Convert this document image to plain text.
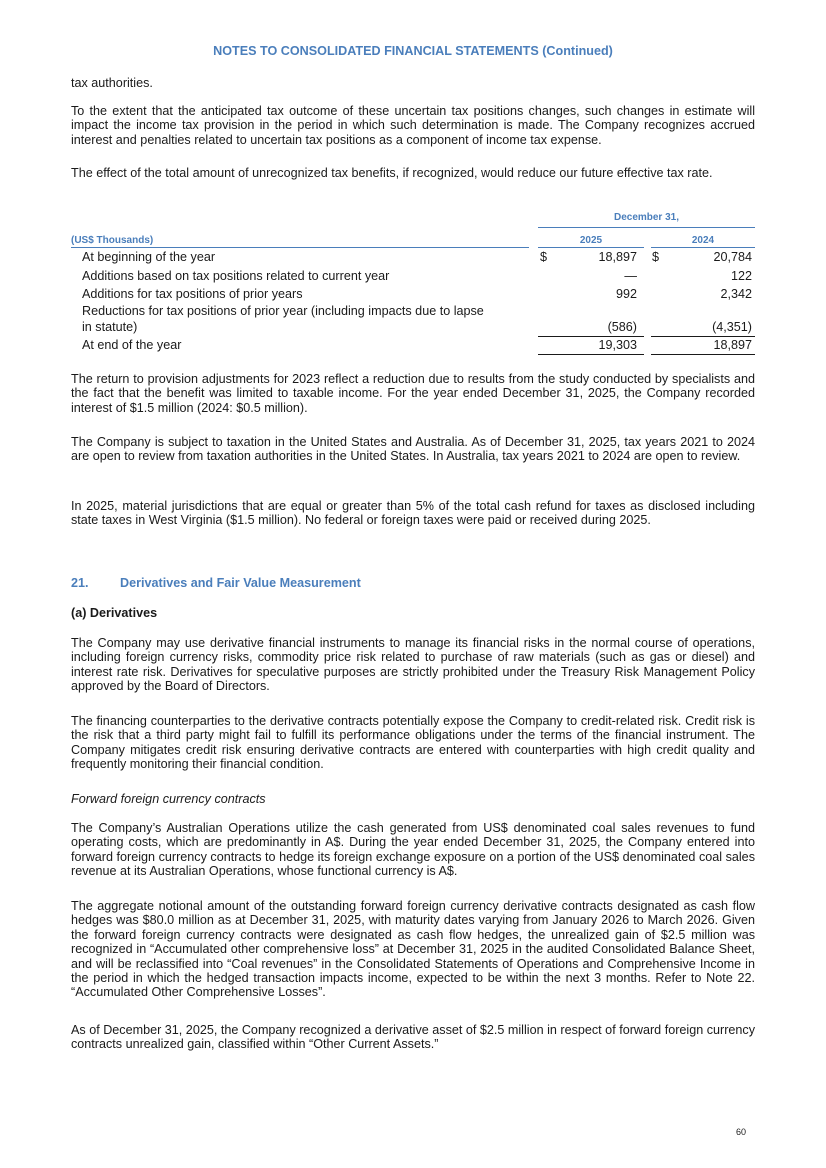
NOTES TO CONSOLIDATED FINANCIAL STATEMENTS (Continued)

tax authorities.

To the extent that the anticipated tax outcome of these uncertain tax positions changes, such changes in estimate will impact the income tax provision in the period in which such determination is made. The Company recognizes accrued interest and penalties related to uncertain tax positions as a component of income tax expense.

The effect of the total amount of unrecognized tax benefits, if recognized, would reduce our future effective tax rate.

December 31,
(US$ Thousands)	2025	2024
At beginning of the year	$	18,897 $	20,784
Additions based on tax positions related to current year	—	122
Additions for tax positions of prior years	992	2,342
Reductions for tax positions of prior year (including impacts due to lapse
in statute)	(586)	(4,351)
At end of the year	19,303	18,897

The return to provision adjustments for 2023 reflect a reduction due to results from the study conducted by specialists and the fact that the benefit was limited to taxable income. For the year ended December 31, 2025, the Company recorded interest of $1.5 million (2024: $0.5 million).

The Company is subject to taxation in the United States and Australia. As of December 31, 2025, tax years 2021 to 2024 are open to review from taxation authorities in the United States. In Australia, tax years 2021 to 2024 are open to review.

In 2025, material jurisdictions that are equal or greater than 5% of the total cash refund for taxes as disclosed including state taxes in West Virginia ($1.5 million). No federal or foreign taxes were paid or received during 2025.

21. Derivatives and Fair Value Measurement
(a) Derivatives

The Company may use derivative financial instruments to manage its financial risks in the normal course of operations, including foreign currency risks, commodity price risk related to purchase of raw materials (such as gas or diesel) and interest rate risk. Derivatives for speculative purposes are strictly prohibited under the Treasury Risk Management Policy approved by the Board of Directors.

The financing counterparties to the derivative contracts potentially expose the Company to credit-related risk. Credit risk is the risk that a third party might fail to fulfill its performance obligations under the terms of the financial instrument. The Company mitigates credit risk ensuring derivative contracts are entered with counterparties with high credit quality and frequently monitoring their financial condition.

Forward foreign currency contracts

The Company’s Australian Operations utilize the cash generated from US$ denominated coal sales revenues to fund operating costs, which are predominantly in A$. During the year ended December 31, 2025, the Company entered into forward foreign currency contracts to hedge its foreign exchange exposure on a portion of the US$ denominated coal sales revenue at its Australian Operations, whose functional currency is A$.

The aggregate notional amount of the outstanding forward foreign currency derivative contracts designated as cash flow hedges was $80.0 million as at December 31, 2025, with maturity dates varying from January 2026 to March 2026. Given the forward foreign currency contracts were designated as cash flow hedges, the unrealized gain of $2.5 million was recognized in “Accumulated other comprehensive loss” at December 31, 2025 in the audited Consolidated Balance Sheet, and will be reclassified into “Coal revenues” in the Consolidated Statements of Operations and Comprehensive Income in the period in which the hedged transaction impacts income, expected to be within the next 3 months. Refer to Note 22. “Accumulated Other Comprehensive Losses”.

As of December 31, 2025, the Company recognized a derivative asset of $2.5 million in respect of forward foreign currency contracts unrealized gain, classified within “Other Current Assets.”

60
